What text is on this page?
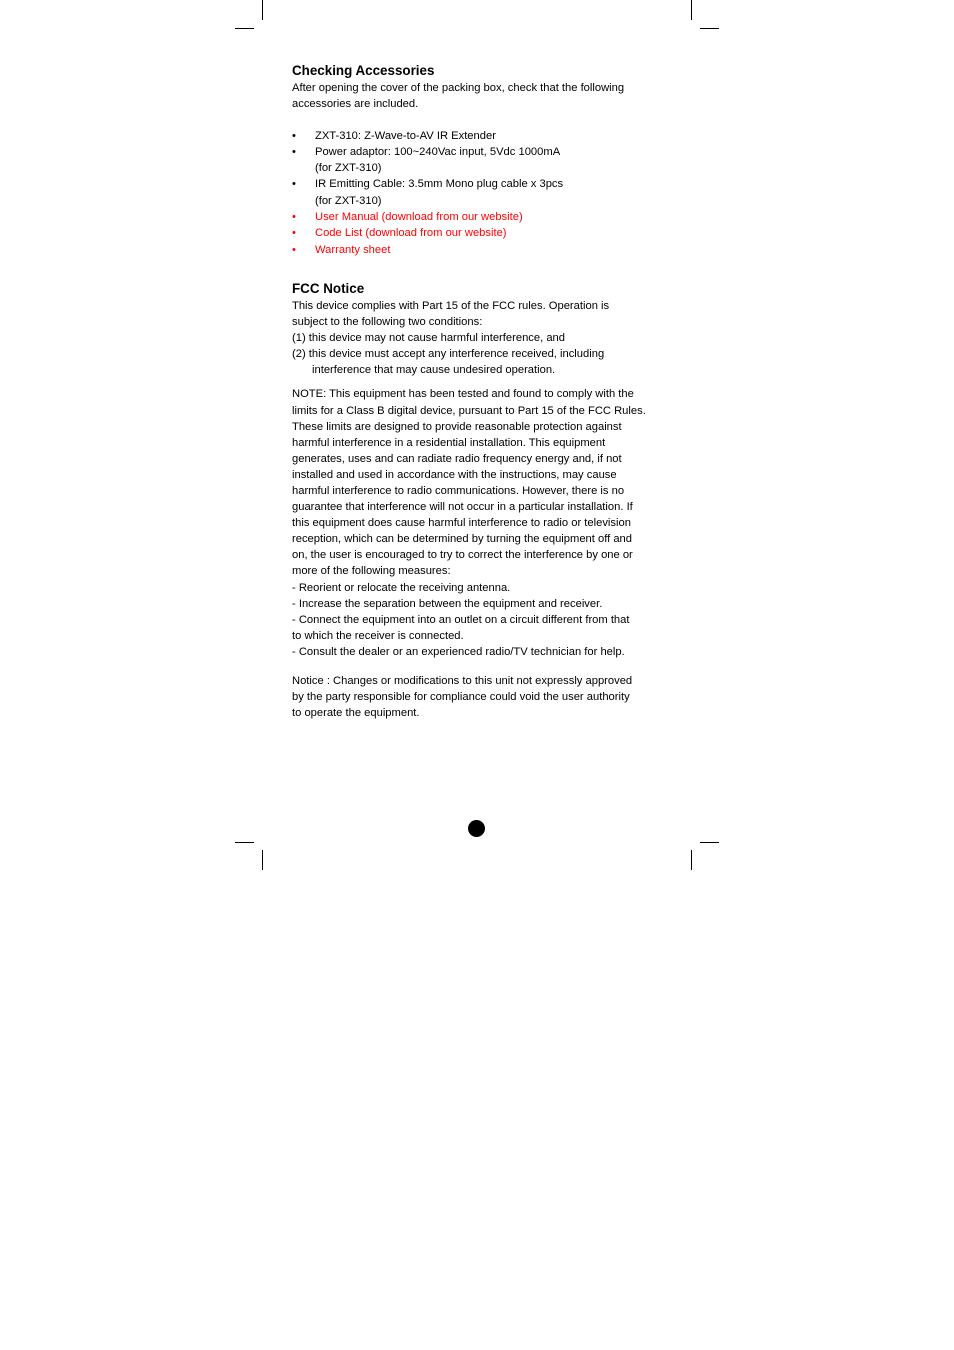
Checking Accessories

After opening the cover of the packing box, check that the following

accessories are included.

• ZXT-310: Z-Wave-to-AV IR Extender
• Power adaptor: 100~240Vac input, 5Vdc 1000mA
(for ZXT-310)
• IR Emitting Cable: 3.5mm Mono plug cable x 3pcs
(for ZXT-310)
• User Manual (download from our website)
• Code List (download from our website)
• Warranty sheet
FCC Notice

This device complies with Part 15 of the FCC rules. Operation is

subject to the following two conditions:

(1) this device may not cause harmful interference, and

(2) this device must accept any interference received, including

interference that may cause undesired operation.

NOTE: This equipment has been tested and found to comply with the

limits for a Class B digital device, pursuant to Part 15 of the FCC Rules.

These limits are designed to provide reasonable protection against

harmful interference in a residential installation. This equipment

generates, uses and can radiate radio frequency energy and, if not

installed and used in accordance with the instructions, may cause

harmful interference to radio communications. However, there is no

guarantee that interference will not occur in a particular installation. If

this equipment does cause harmful interference to radio or television

reception, which can be determined by turning the equipment off and

on, the user is encouraged to try to correct the interference by one or

more of the following measures:

- Reorient or relocate the receiving antenna.

- Increase the separation between the equipment and receiver.

- Connect the equipment into an outlet on a circuit different from that

to which the receiver is connected.

- Consult the dealer or an experienced radio/TV technician for help.

Notice : Changes or modifications to this unit not expressly approved

by the party responsible for compliance could void the user authority

to operate the equipment.
